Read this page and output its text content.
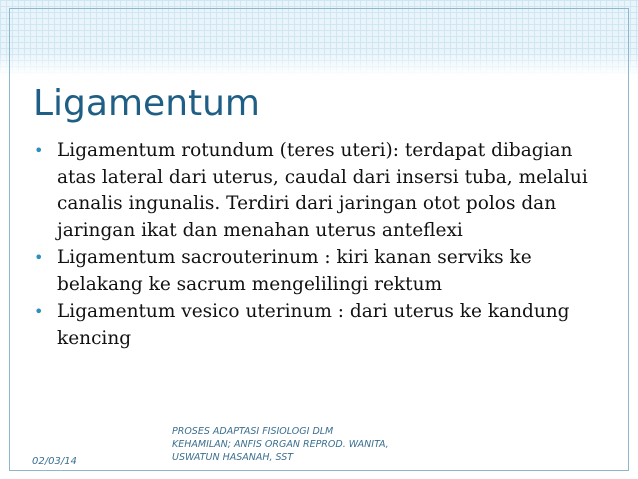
Ligamentum
• Ligamentum rotundum (teres uteri): terdapat dibagian atas lateral dari uterus, caudal dari insersi tuba, melalui canalis ingunalis. Terdiri dari jaringan otot polos dan jaringan ikat dan menahan uterus anteflexi
• Ligamentum sacrouterinum : kiri kanan serviks ke belakang ke sacrum mengelilingi rektum
• Ligamentum vesico uterinum : dari uterus ke kandung kencing
PROSES ADAPTASI FISIOLOGI DLM
KEHAMILAN; ANFIS ORGAN REPROD. WANITA,
USWATUN HASANAH, SST
02/03/14
